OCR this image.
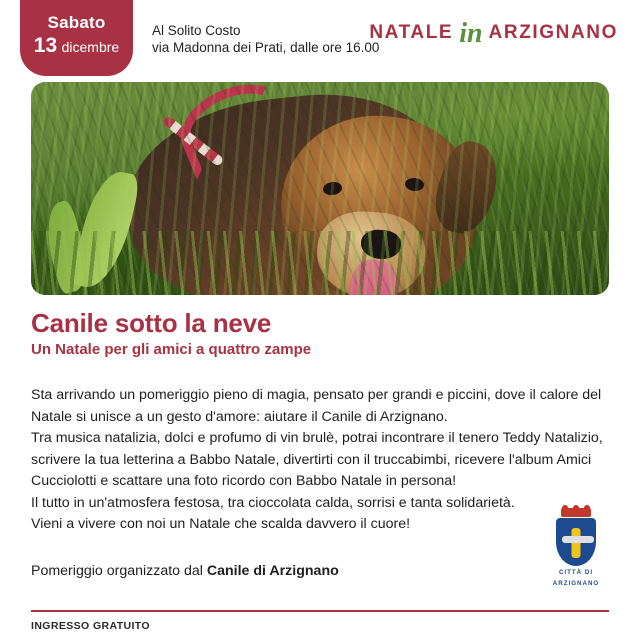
Sabato
13 dicembre
Al Solito Costo
via Madonna dei Prati, dalle ore 16.00
NATALE in ARZIGNANO
Canile sotto la neve
Un Natale per gli amici a quattro zampe

Sta arrivando un pomeriggio pieno di magia, pensato per grandi e piccini, dove il calore del Natale si unisce a un gesto d'amore: aiutare il Canile di Arzignano.

Tra musica natalizia, dolci e profumo di vin brulè, potrai incontrare il tenero Teddy Natalizio, scrivere la tua letterina a Babbo Natale, divertirti con il truccabimbi, ricevere l'album Amici Cucciolotti e scattare una foto ricordo con Babbo Natale in persona!

Il tutto in un'atmosfera festosa, tra cioccolata calda, sorrisi e tanta solidarietà.

Vieni a vivere con noi un Natale che scalda davvero il cuore!

Pomeriggio organizzato dal Canile di Arzignano	CITTÀ DI
ARZIGNANO
INGRESSO GRATUITO
